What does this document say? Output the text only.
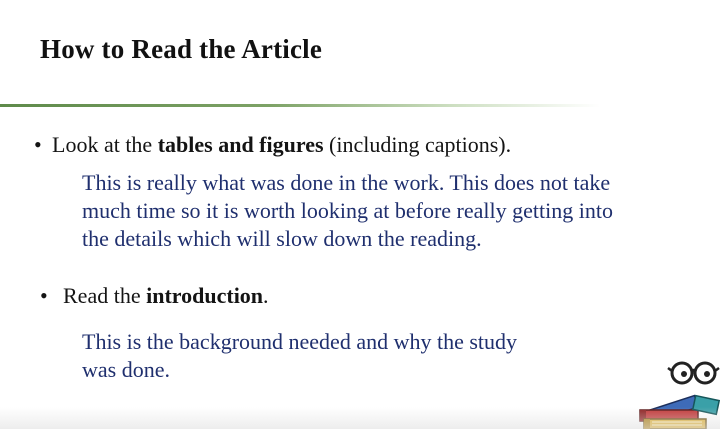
How to Read the Article
• Look at the tables and figures (including captions).
This is really what was done in the work. This does not take
much time so it is worth looking at before really getting into
the details which will slow down the reading.
• Read the introduction.
This is the background needed and why the study
was done.
